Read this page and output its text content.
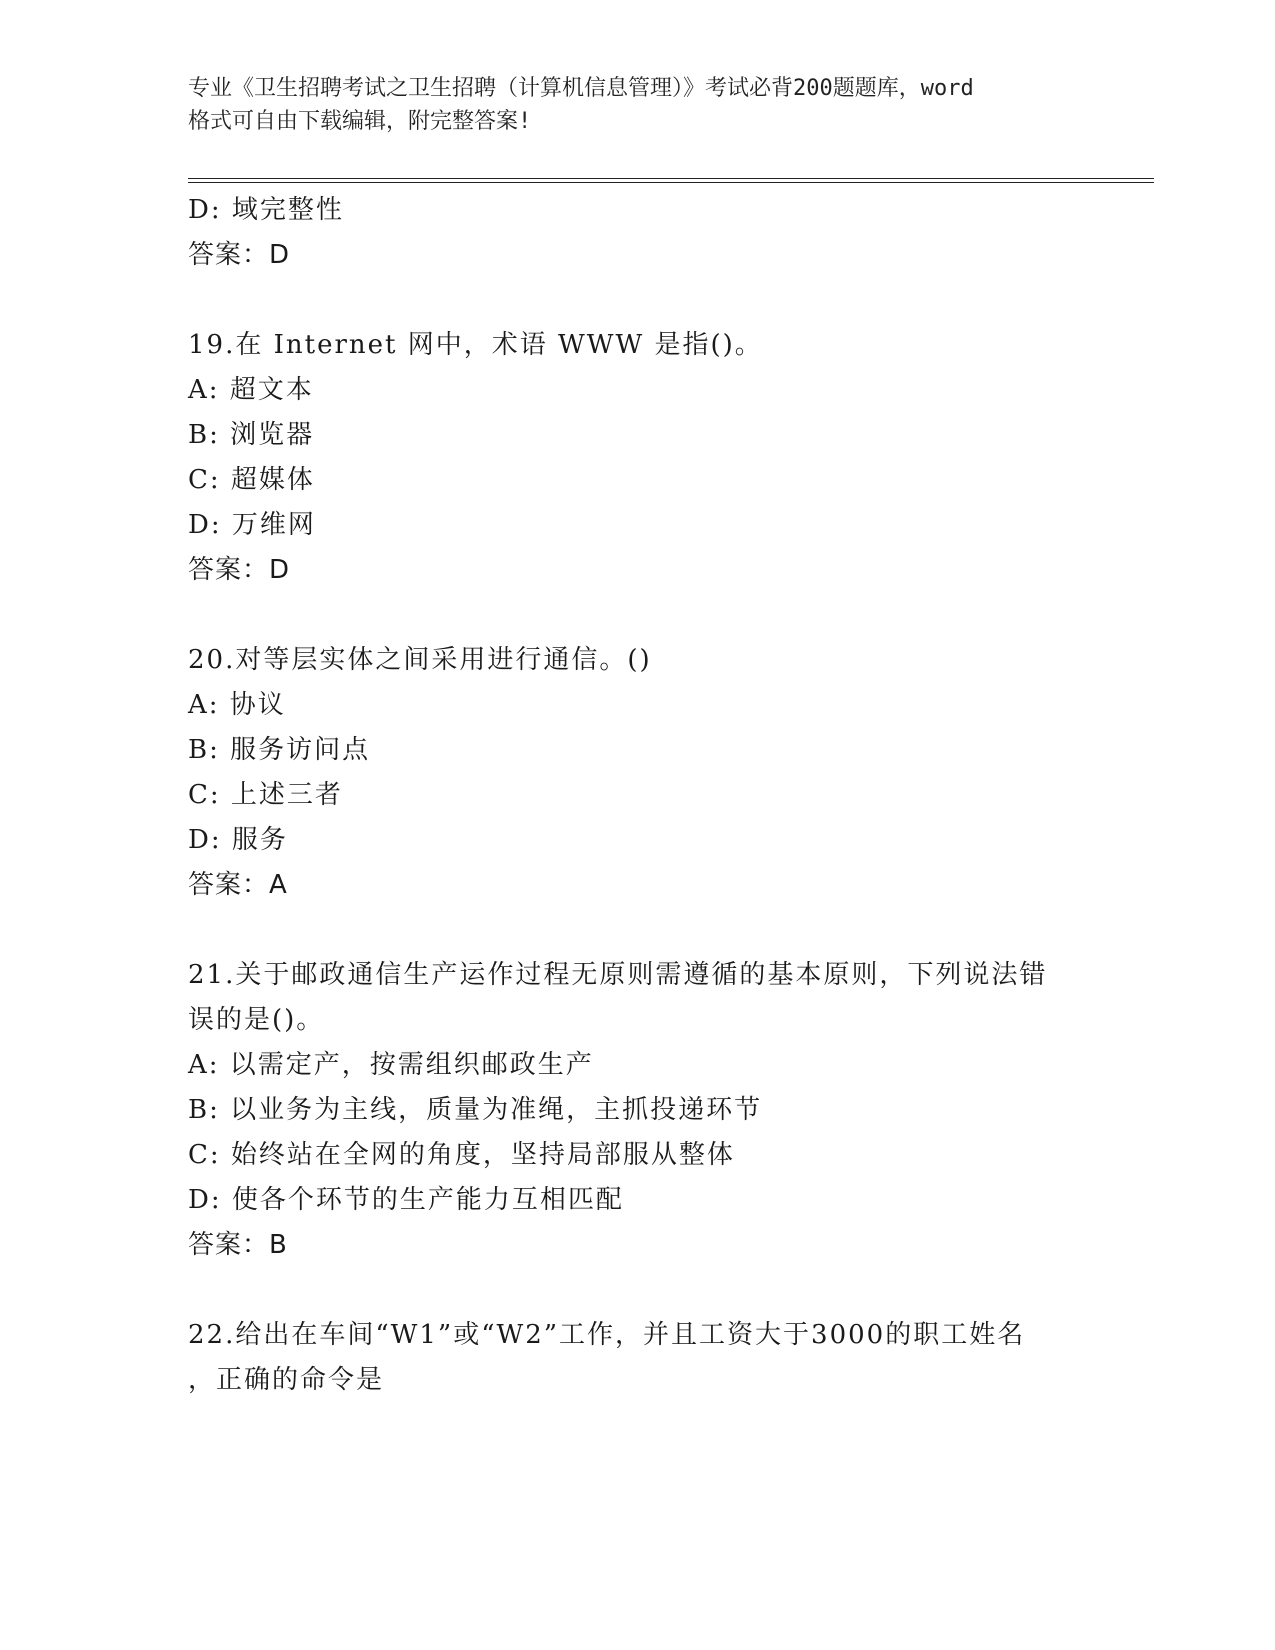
专业《卫生招聘考试之卫生招聘（计算机信息管理）》考试必背200题题库，word
格式可自由下载编辑，附完整答案!
D: 域完整性
答案：D
19.在 Internet 网中，术语 WWW 是指()。
A: 超文本
B: 浏览器
C: 超媒体
D: 万维网
答案：D
20.对等层实体之间采用进行通信。()
A: 协议
B: 服务访问点
C: 上述三者
D: 服务
答案：A
21.关于邮政通信生产运作过程无原则需遵循的基本原则，下列说法错
误的是()。
A: 以需定产，按需组织邮政生产
B: 以业务为主线，质量为准绳，主抓投递环节
C: 始终站在全网的角度，坚持局部服从整体
D: 使各个环节的生产能力互相匹配
答案：B
22.给出在车间“W1”或“W2”工作，并且工资大于3000的职工姓名
，正确的命令是
